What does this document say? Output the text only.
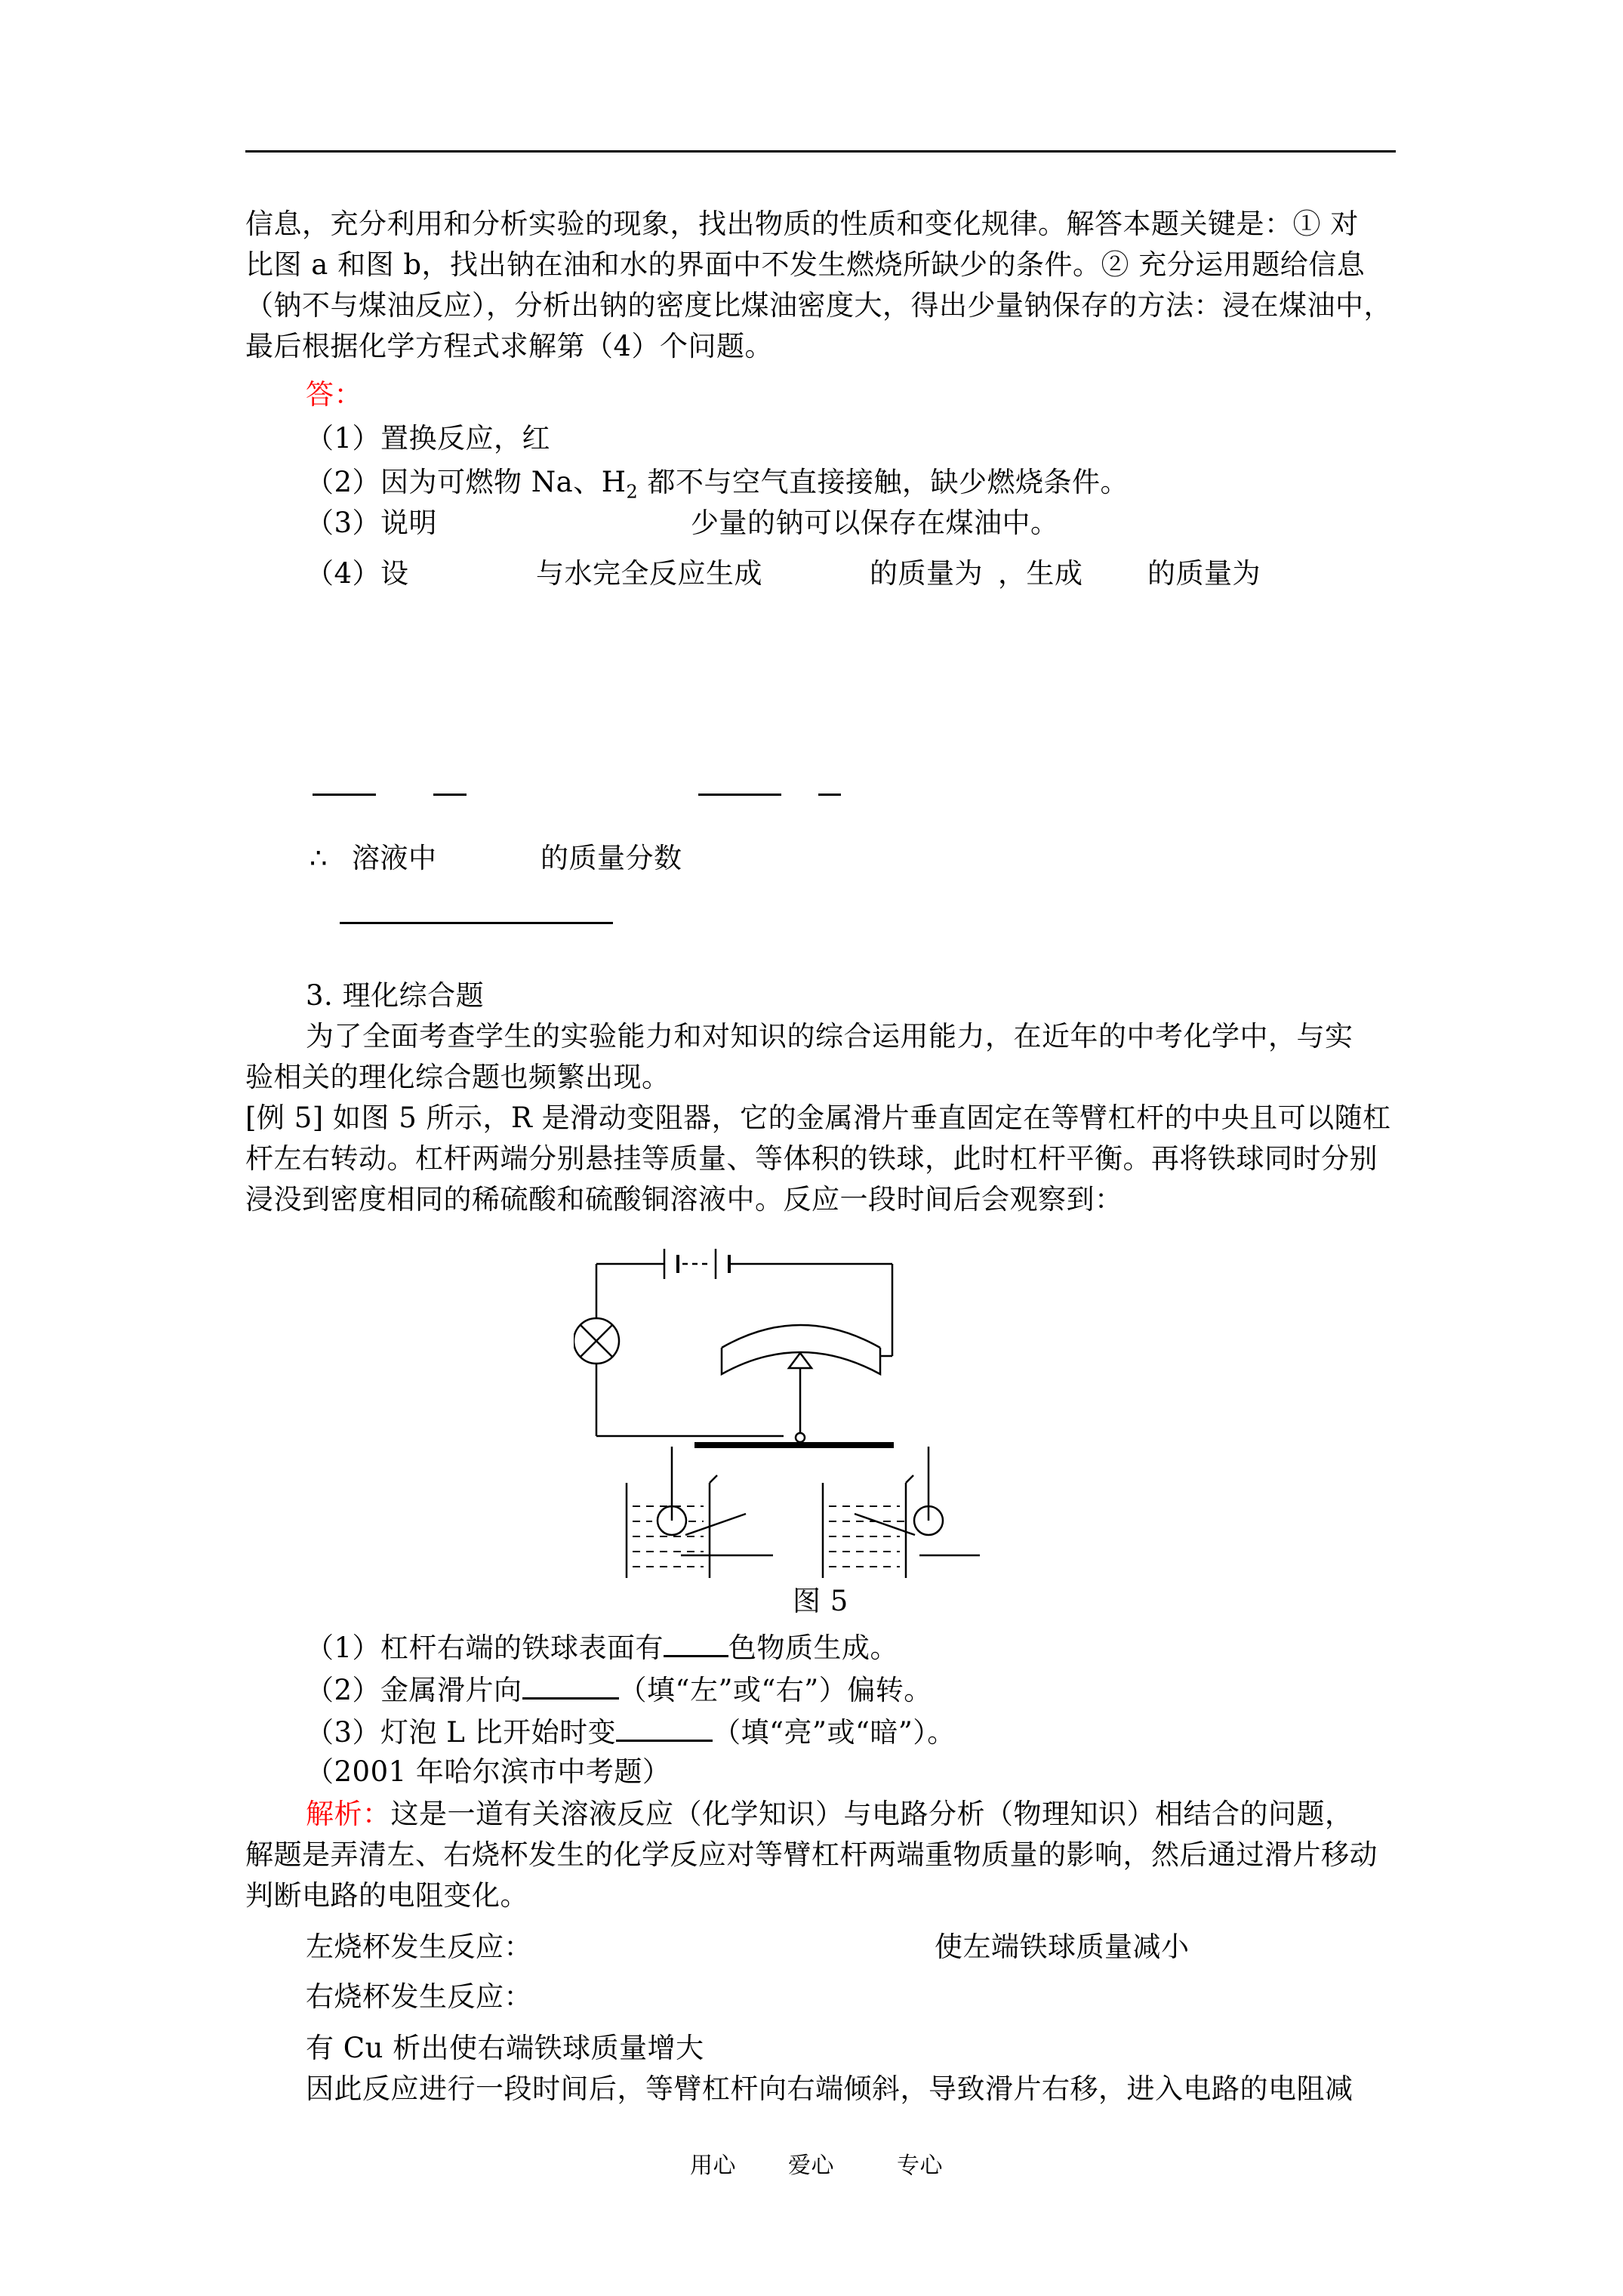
信息，充分利用和分析实验的现象，找出物质的性质和变化规律。解答本题关键是：① 对
比图 a 和图 b，找出钠在油和水的界面中不发生燃烧所缺少的条件。② 充分运用题给信息
（钠不与煤油反应），分析出钠的密度比煤油密度大，得出少量钠保存的方法：浸在煤油中，
最后根据化学方程式求解第（4）个问题。
答：
（1）置换反应，红
（2）因为可燃物 Na、$H_2$ 都不与空气直接接触，缺少燃烧条件。
（3）说明	少量的钠可以保存在煤油中。
（4）设	与水完全反应生成	的质量为 ，生成 的质量为
∴ 溶液中	的质量分数
3. 理化综合题
为了全面考查学生的实验能力和对知识的综合运用能力，在近年的中考化学中，与实
验相关的理化综合题也频繁出现。
[例 5] 如图 5 所示，R 是滑动变阻器，它的金属滑片垂直固定在等臂杠杆的中央且可以随杠
杆左右转动。杠杆两端分别悬挂等质量、等体积的铁球，此时杠杆平衡。再将铁球同时分别
浸没到密度相同的稀硫酸和硫酸铜溶液中。反应一段时间后会观察到：
图 5
（1）杠杆右端的铁球表面有 色物质生成。
（2）金属滑片向	（填“左”或“右”）偏转。
（3）灯泡 L 比开始时变	（填“亮”或“暗”）。
（2001 年哈尔滨市中考题）
解析：这是一道有关溶液反应（化学知识）与电路分析（物理知识）相结合的问题，
解题是弄清左、右烧杯发生的化学反应对等臂杠杆两端重物质量的影响，然后通过滑片移动
判断电路的电阻变化。
左烧杯发生反应：	使左端铁球质量减小
右烧杯发生反应：
有 Cu 析出使右端铁球质量增大
因此反应进行一段时间后，等臂杠杆向右端倾斜，导致滑片右移，进入电路的电阻减
用心 爱心	专心
